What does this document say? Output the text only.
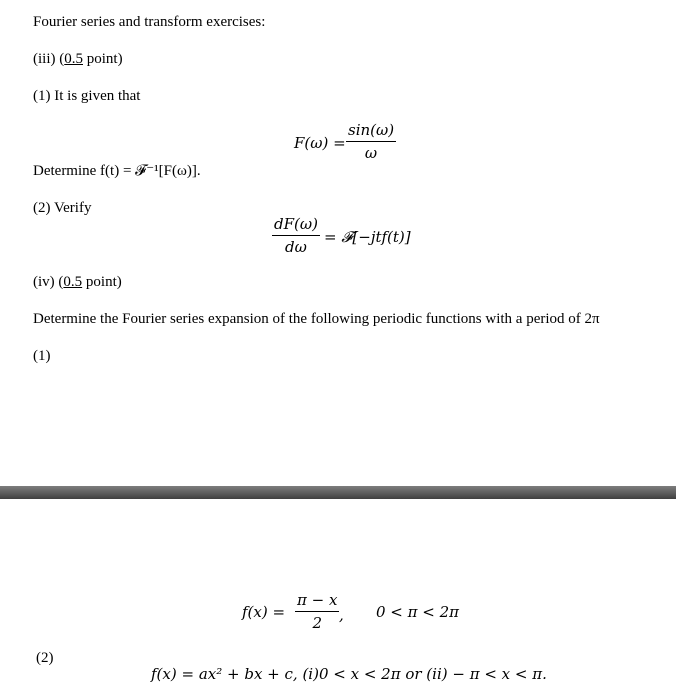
Fourier series and transform exercises:
(iii) (0.5 point)
(1) It is given that
F(ω) =
sin(ω)
ω
Determine f(t) = 𝓕⁻¹[F(ω)].
(2) Verify
dF(ω)
dω
= 𝓕[−jtf(t)]
(iv) (0.5 point)
Determine the Fourier series expansion of the following periodic functions with a period of 2π
(1)
f(x) =
π − x
2 , 0 < π < 2π
(2)
f(x) = ax² + bx + c, (i)0 < x < 2π or (ii) − π < x < π.
